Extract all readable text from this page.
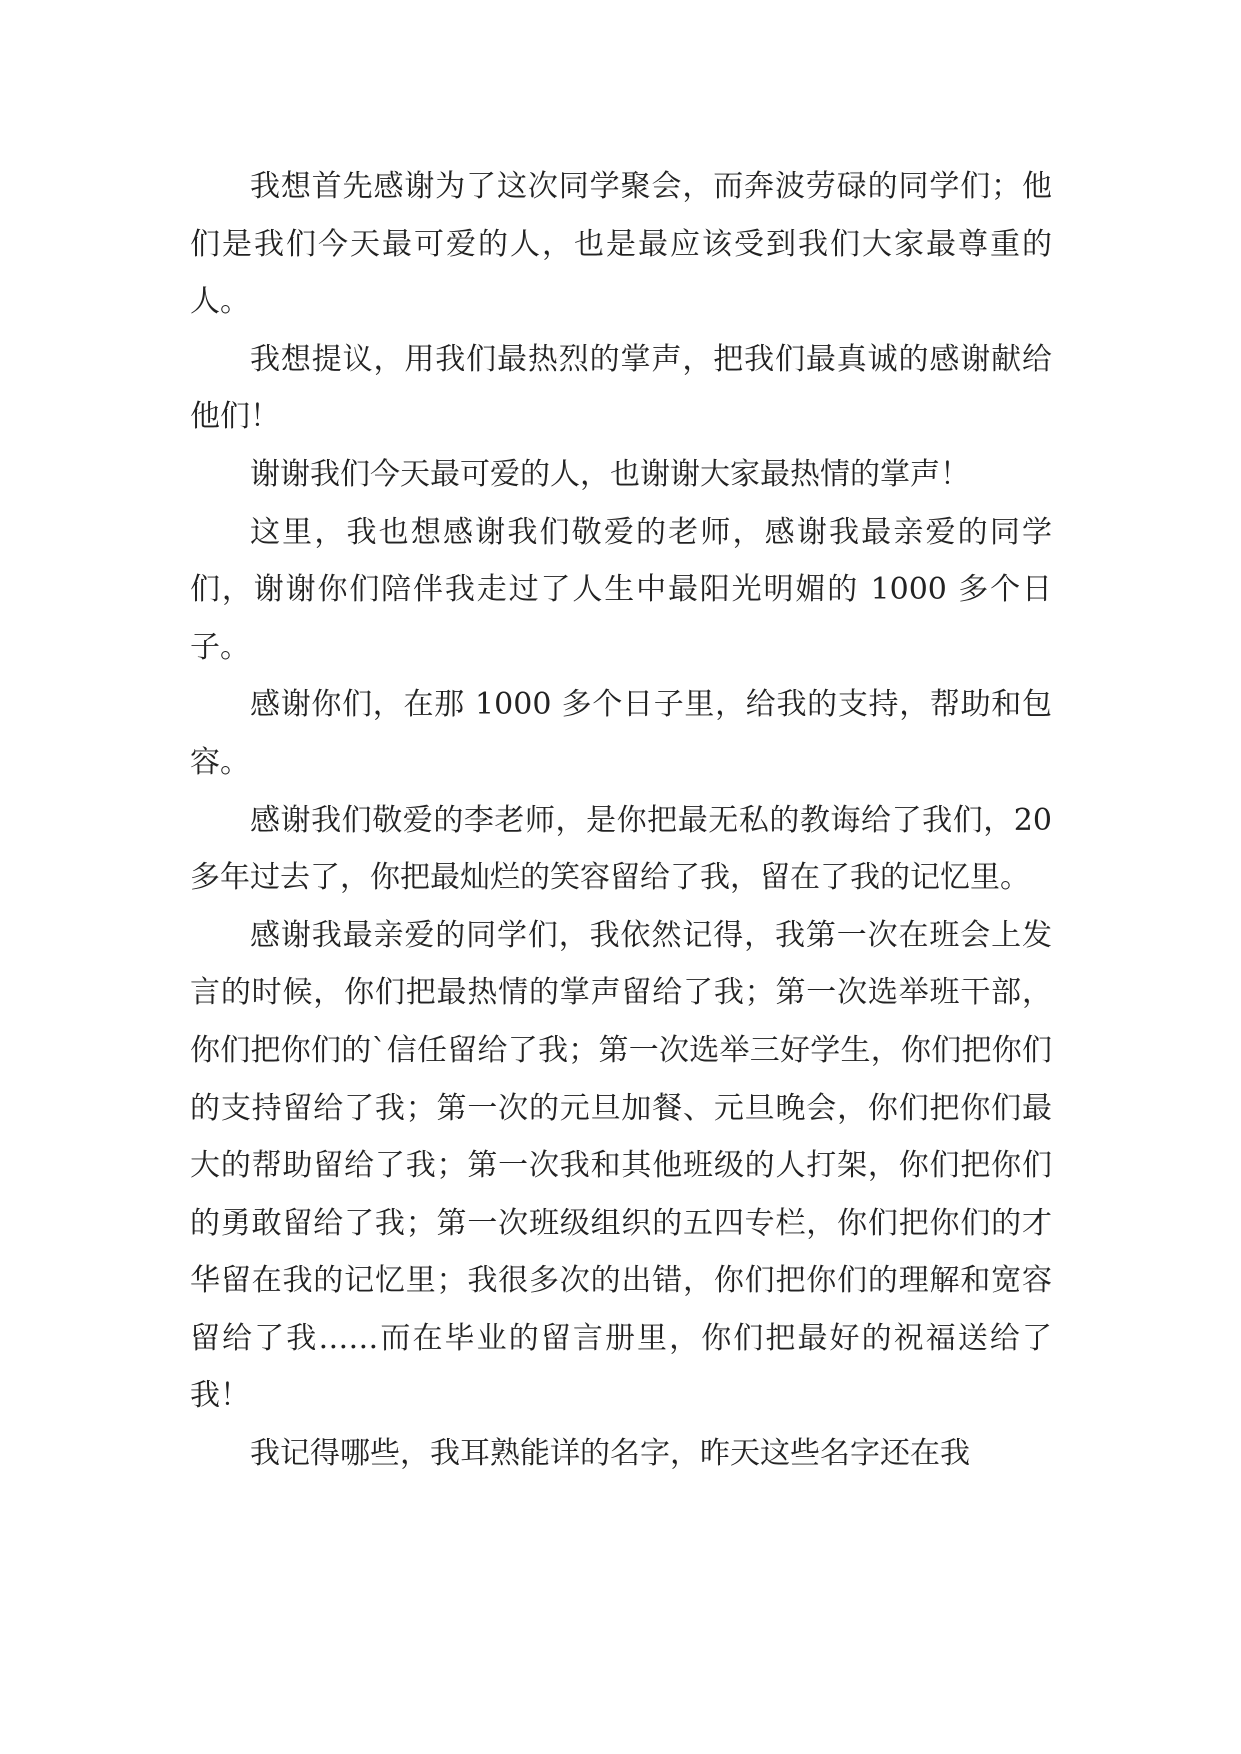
我想首先感谢为了这次同学聚会，而奔波劳碌的同学们；他们是我们今天最可爱的人，也是最应该受到我们大家最尊重的人。

我想提议，用我们最热烈的掌声，把我们最真诚的感谢献给他们！

谢谢我们今天最可爱的人，也谢谢大家最热情的掌声！

这里，我也想感谢我们敬爱的老师，感谢我最亲爱的同学们，谢谢你们陪伴我走过了人生中最阳光明媚的 1000 多个日子。

感谢你们，在那 1000 多个日子里，给我的支持，帮助和包容。

感谢我们敬爱的李老师，是你把最无私的教诲给了我们，20 多年过去了，你把最灿烂的笑容留给了我，留在了我的记忆里。

感谢我最亲爱的同学们，我依然记得，我第一次在班会上发言的时候，你们把最热情的掌声留给了我；第一次选举班干部，你们把你们的`信任留给了我；第一次选举三好学生，你们把你们的支持留给了我；第一次的元旦加餐、元旦晚会，你们把你们最大的帮助留给了我；第一次我和其他班级的人打架，你们把你们的勇敢留给了我；第一次班级组织的五四专栏，你们把你们的才华留在我的记忆里；我很多次的出错，你们把你们的理解和宽容留给了我……而在毕业的留言册里，你们把最好的祝福送给了我！

我记得哪些，我耳熟能详的名字，昨天这些名字还在我
